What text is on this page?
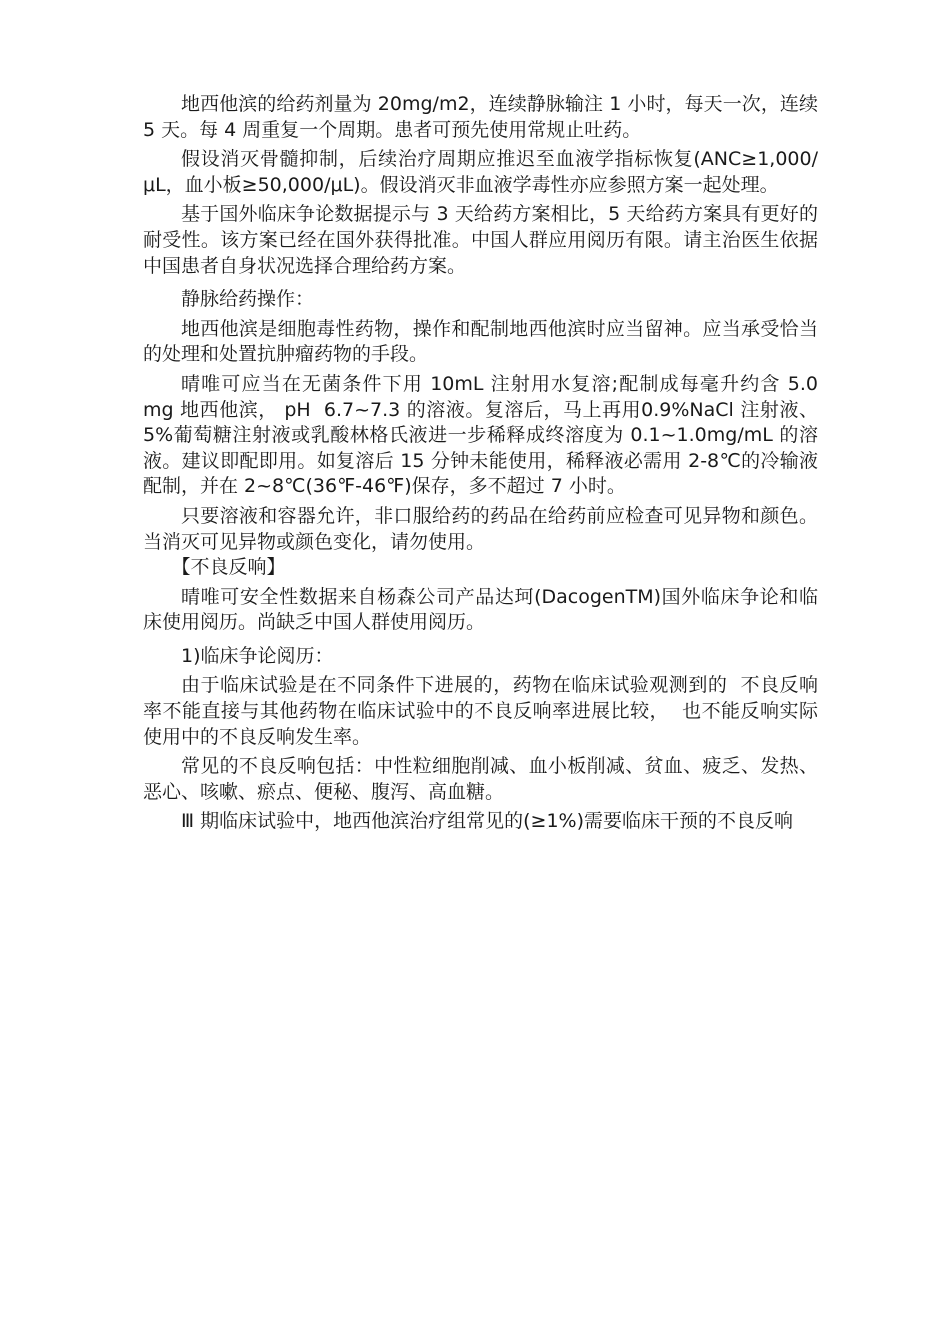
地西他滨的给药剂量为 20mg/m2，连续静脉输注 1 小时，每天一次，连续 5 天。每 4 周重复一个周期。患者可预先使用常规止吐药。

假设消灭骨髓抑制，后续治疗周期应推迟至血液学指标恢复(ANC≥1,000/μL，血小板≥50,000/μL)。假设消灭非血液学毒性亦应参照方案一起处理。

基于国外临床争论数据提示与 3 天给药方案相比，5 天给药方案具有更好的耐受性。该方案已经在国外获得批准。中国人群应用阅历有限。请主治医生依据中国患者自身状况选择合理给药方案。

静脉给药操作：

地西他滨是细胞毒性药物，操作和配制地西他滨时应当留神。应当承受恰当的处理和处置抗肿瘤药物的手段。

晴唯可应当在无菌条件下用 10mL 注射用水复溶;配制成每毫升约含 5.0  mg 地西他滨， pH  6.7~7.3 的溶液。复溶后，马上再用0.9%NaCl 注射液、5%葡萄糖注射液或乳酸林格氏液进一步稀释成终溶度为 0.1~1.0mg/mL 的溶液。建议即配即用。如复溶后 15 分钟未能使用，稀释液必需用 2-8℃的冷输液配制，并在 2~8℃(36℉-46℉)保存，多不超过 7 小时。

只要溶液和容器允许，非口服给药的药品在给药前应检查可见异物和颜色。当消灭可见异物或颜色变化，请勿使用。

【不良反响】

晴唯可安全性数据来自杨森公司产品达珂(DacogenTM)国外临床争论和临床使用阅历。尚缺乏中国人群使用阅历。

1)临床争论阅历：

由于临床试验是在不同条件下进展的，药物在临床试验观测到的  不良反响率不能直接与其他药物在临床试验中的不良反响率进展比较，  也不能反响实际使用中的不良反响发生率。

常见的不良反响包括：中性粒细胞削减、血小板削减、贫血、疲乏、发热、恶心、咳嗽、瘀点、便秘、腹泻、高血糖。

Ⅲ 期临床试验中，地西他滨治疗组常见的(≥1%)需要临床干预的不良反响
